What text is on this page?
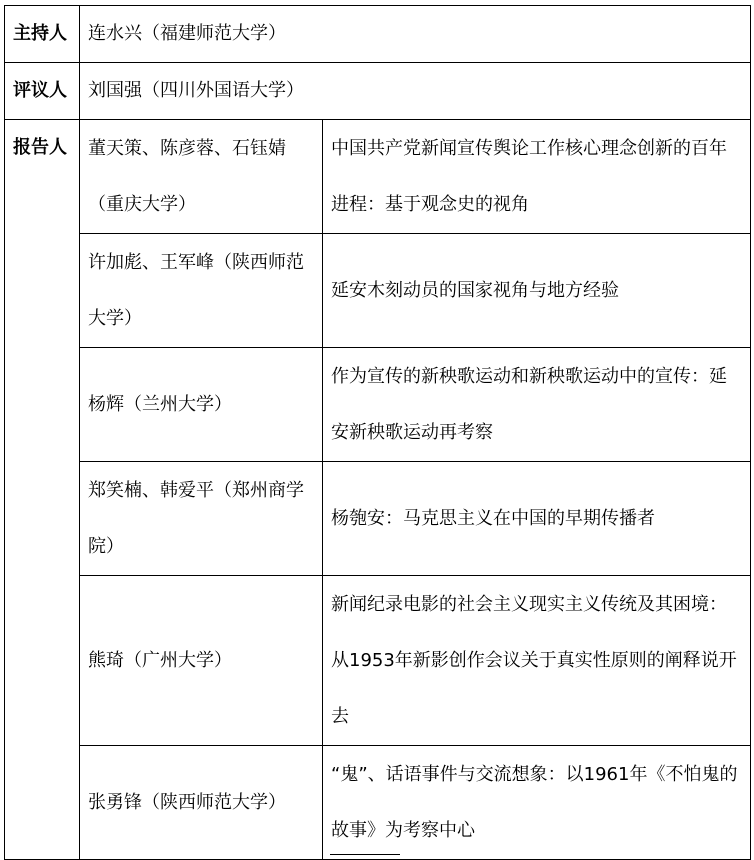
主持人	连水兴（福建师范大学）	
评议人	刘国强（四川外国语大学）	
报告人	董天策、陈彦蓉、石钰婧（重庆大学）	中国共产党新闻宣传舆论工作核心理念创新的百年进程：基于观念史的视角
	许加彪、王军峰（陕西师范大学）	延安木刻动员的国家视角与地方经验
	杨辉（兰州大学）	作为宣传的新秧歌运动和新秧歌运动中的宣传：延安新秧歌运动再考察
	郑笑楠、韩爱平（郑州商学院）	杨匏安：马克思主义在中国的早期传播者
	熊琦（广州大学）	新闻纪录电影的社会主义现实主义传统及其困境：从1953年新影创作会议关于真实性原则的阐释说开去
	张勇锋（陕西师范大学）	“鬼”、话语事件与交流想象：以1961年《不怕鬼的故事》为考察中心
